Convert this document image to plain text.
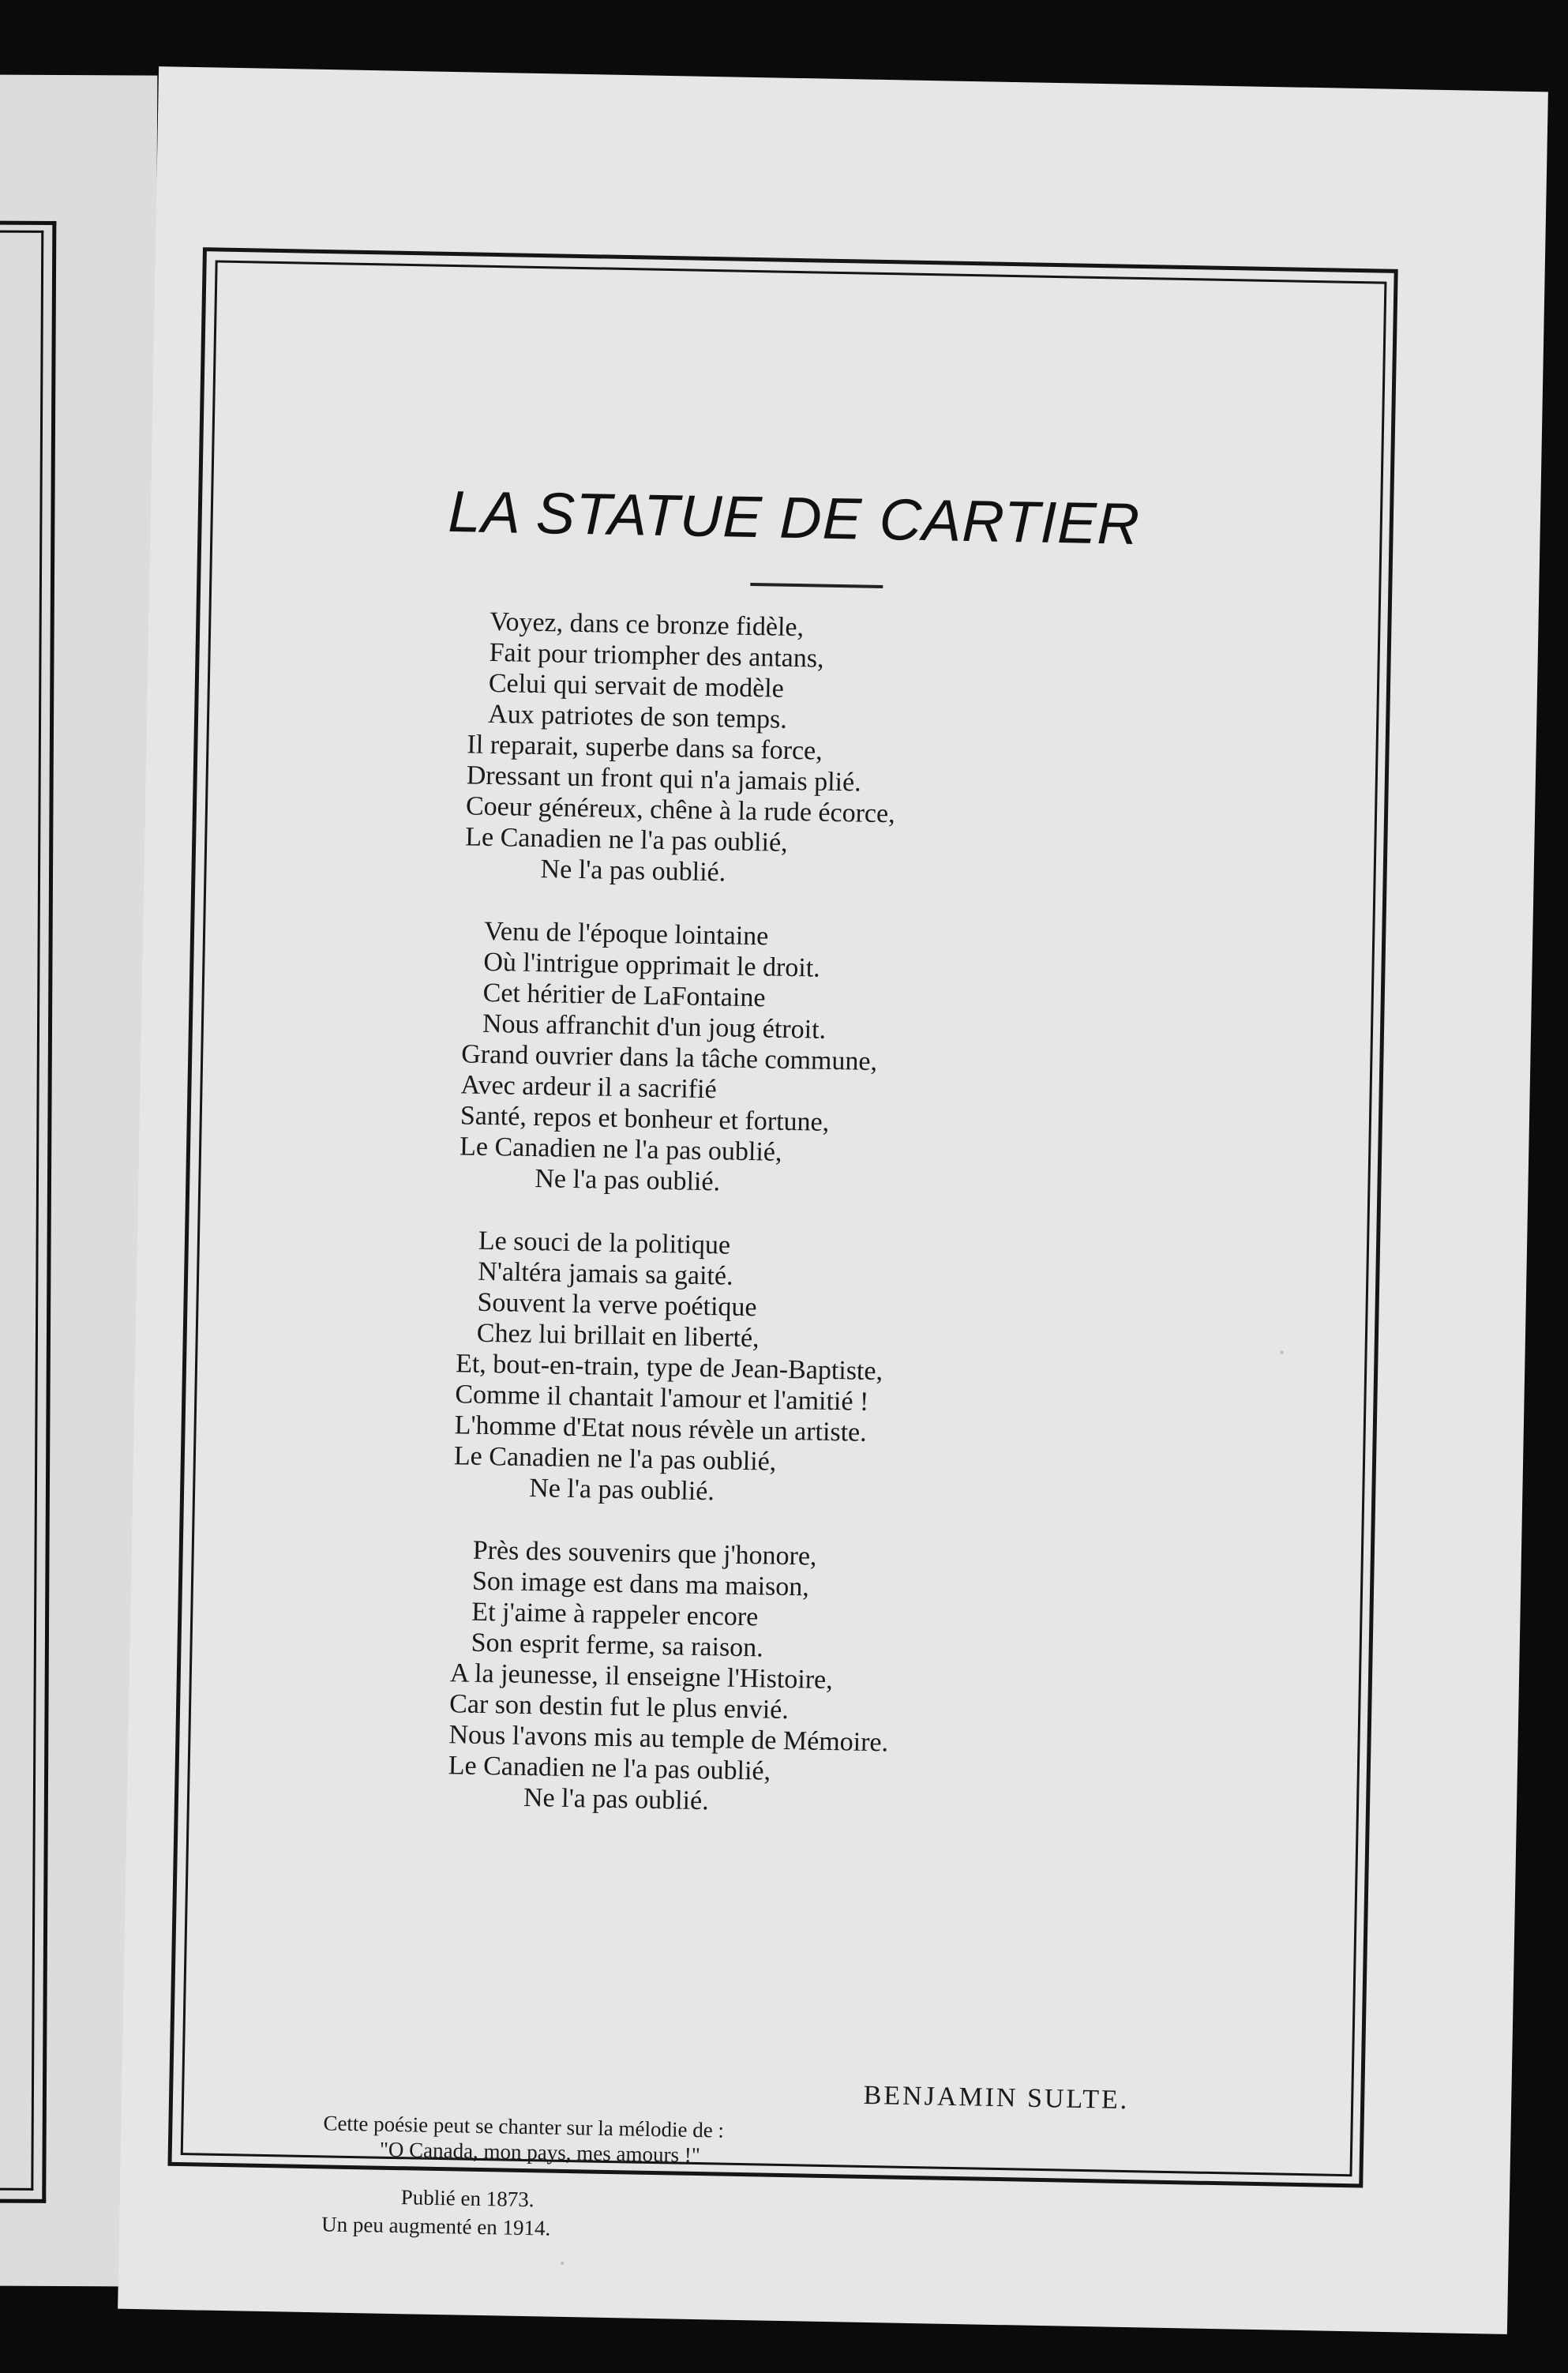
LA STATUE DE CARTIER
Voyez, dans ce bronze fidèle,
Fait pour triompher des antans,
Celui qui servait de modèle
Aux patriotes de son temps.
Il reparait, superbe dans sa force,
Dressant un front qui n'a jamais plié.
Coeur généreux, chêne à la rude écorce,
Le Canadien ne l'a pas oublié,
Ne l'a pas oublié.
Venu de l'époque lointaine
Où l'intrigue opprimait le droit.
Cet héritier de LaFontaine
Nous affranchit d'un joug étroit.
Grand ouvrier dans la tâche commune,
Avec ardeur il a sacrifié
Santé, repos et bonheur et fortune,
Le Canadien ne l'a pas oublié,
Ne l'a pas oublié.
Le souci de la politique
N'altéra jamais sa gaité.
Souvent la verve poétique
Chez lui brillait en liberté,
Et, bout-en-train, type de Jean-Baptiste,
Comme il chantait l'amour et l'amitié !
L'homme d'Etat nous révèle un artiste.
Le Canadien ne l'a pas oublié,
Ne l'a pas oublié.
Près des souvenirs que j'honore,
Son image est dans ma maison,
Et j'aime à rappeler encore
Son esprit ferme, sa raison.
A la jeunesse, il enseigne l'Histoire,
Car son destin fut le plus envié.
Nous l'avons mis au temple de Mémoire.
Le Canadien ne l'a pas oublié,
Ne l'a pas oublié.
BENJAMIN SULTE.
Cette poésie peut se chanter sur la mélodie de :
"O Canada, mon pays, mes amours !"
Publié en 1873.
Un peu augmenté en 1914.
